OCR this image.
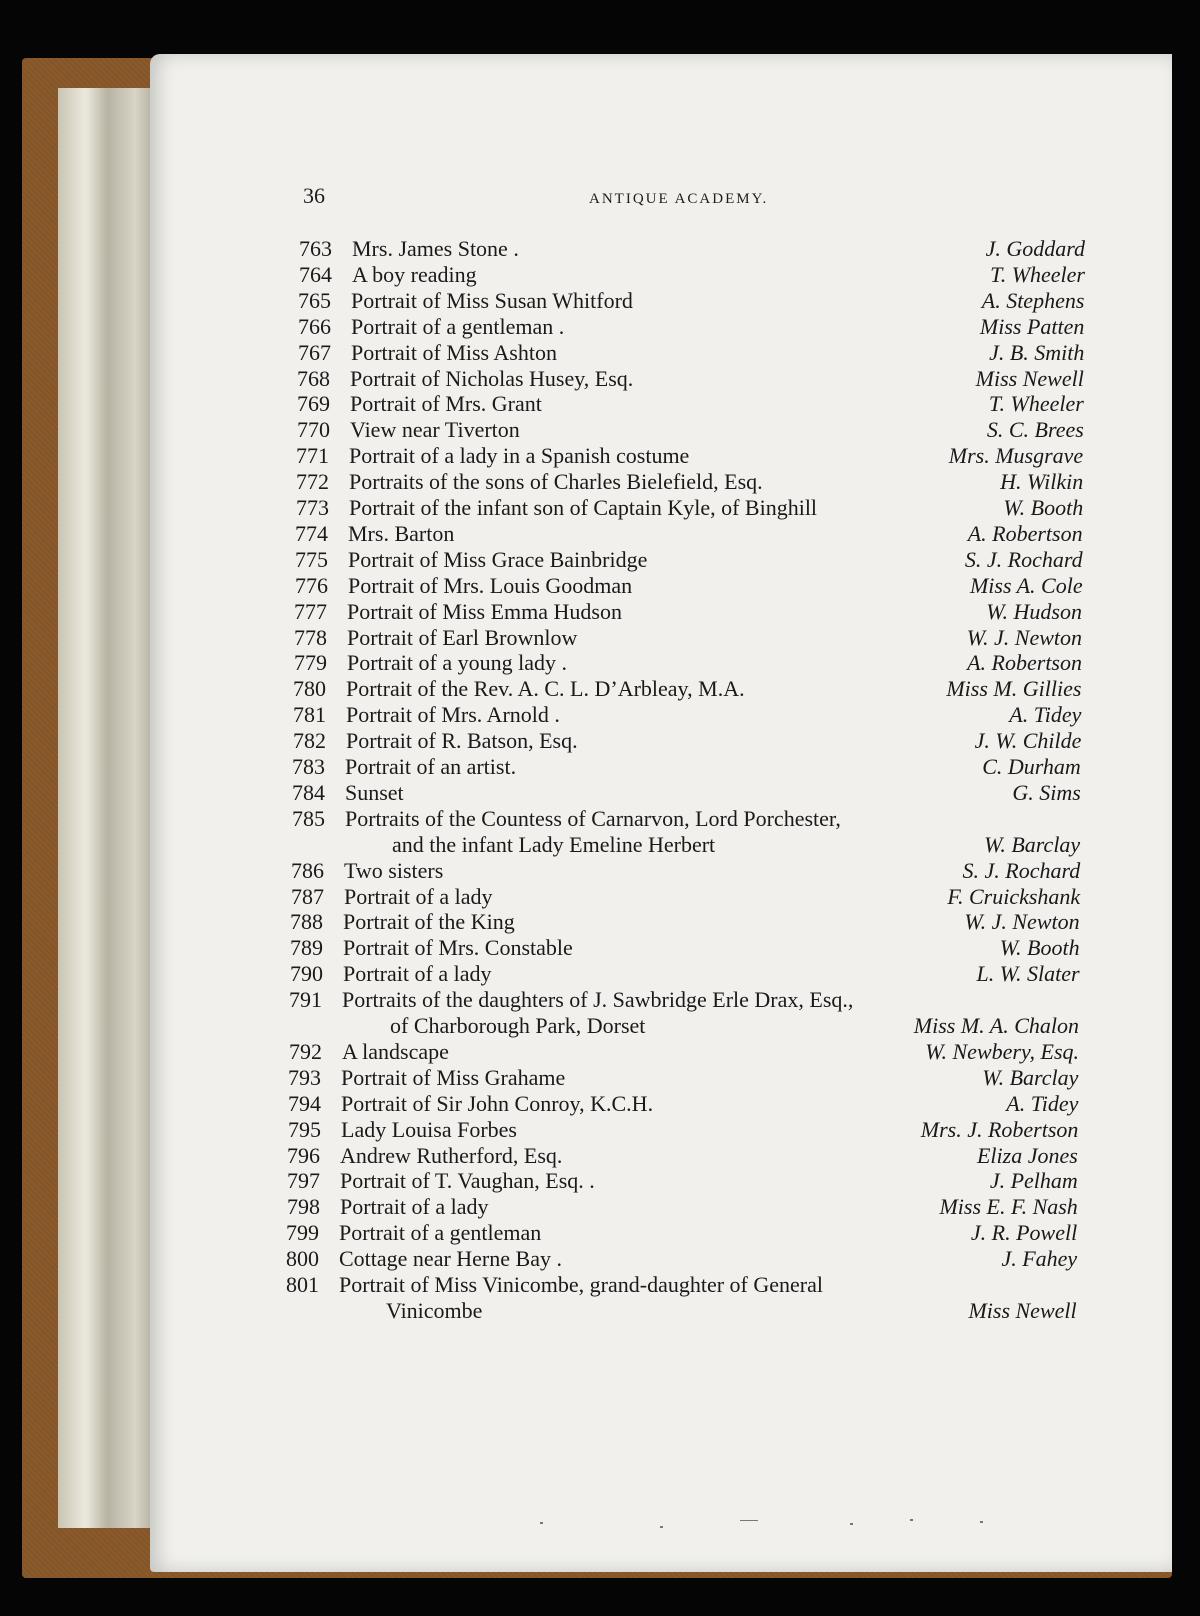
36	ANTIQUE ACADEMY.
763 Mrs. James Stone .	J. Goddard
764 A boy reading	T. Wheeler
765 Portrait of Miss Susan Whitford	A. Stephens
766 Portrait of a gentleman .	Miss Patten
767 Portrait of Miss Ashton	J. B. Smith
768 Portrait of Nicholas Husey, Esq.	Miss Newell
769 Portrait of Mrs. Grant	T. Wheeler
770 View near Tiverton	S. C. Brees
771 Portrait of a lady in a Spanish costume	Mrs. Musgrave
772 Portraits of the sons of Charles Bielefield, Esq.	H. Wilkin
773 Portrait of the infant son of Captain Kyle, of Binghill	W. Booth
774 Mrs. Barton	A. Robertson
775 Portrait of Miss Grace Bainbridge	S. J. Rochard
776 Portrait of Mrs. Louis Goodman	Miss A. Cole
777 Portrait of Miss Emma Hudson	W. Hudson
778 Portrait of Earl Brownlow	W. J. Newton
779 Portrait of a young lady .	A. Robertson
780 Portrait of the Rev. A. C. L. D’Arbleay, M.A.	Miss M. Gillies
781 Portrait of Mrs. Arnold .	A. Tidey
782 Portrait of R. Batson, Esq.	J. W. Childe
783 Portrait of an artist.	C. Durham
784 Sunset	G. Sims
785 Portraits of the Countess of Carnarvon, Lord Porchester,
and the infant Lady Emeline Herbert	W. Barclay
786 Two sisters	S. J. Rochard
787 Portrait of a lady	F. Cruickshank
788 Portrait of the King	W. J. Newton
789 Portrait of Mrs. Constable	W. Booth
790 Portrait of a lady	L. W. Slater
791 Portraits of the daughters of J. Sawbridge Erle Drax, Esq.,
of Charborough Park, Dorset	Miss M. A. Chalon
792 A landscape	W. Newbery, Esq.
793 Portrait of Miss Grahame	W. Barclay
794 Portrait of Sir John Conroy, K.C.H.	A. Tidey
795 Lady Louisa Forbes	Mrs. J. Robertson
796 Andrew Rutherford, Esq.	Eliza Jones
797 Portrait of T. Vaughan, Esq. .	J. Pelham
798 Portrait of a lady	Miss E. F. Nash
799 Portrait of a gentleman	J. R. Powell
800 Cottage near Herne Bay .	J. Fahey
801 Portrait of Miss Vinicombe, grand-daughter of General
Vinicombe	Miss Newell
